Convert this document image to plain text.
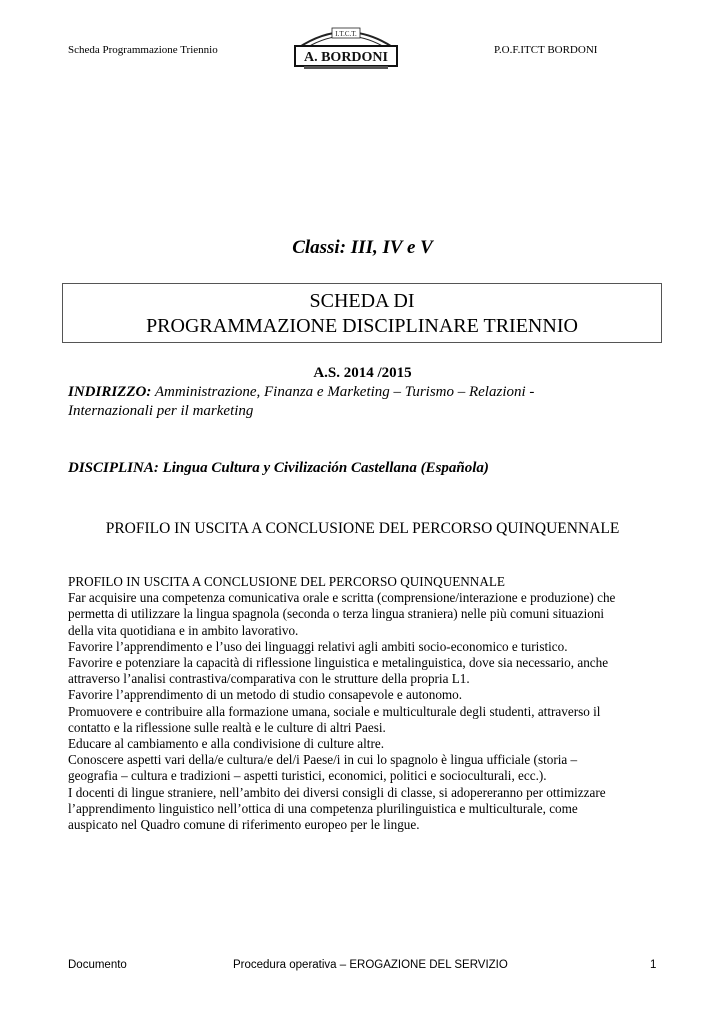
Scheda Programmazione Triennio	P.O.F.ITCT BORDONI
I.T.C.T.
A. BORDONI
Classi: III, IV e V
SCHEDA DI
PROGRAMMAZIONE DISCIPLINARE TRIENNIO
A.S. 2014 /2015
INDIRIZZO: Amministrazione, Finanza e Marketing – Turismo – Relazioni -
Internazionali per il marketing
DISCIPLINA: Lingua Cultura y Civilización Castellana (Española)
PROFILO IN USCITA A CONCLUSIONE DEL PERCORSO QUINQUENNALE
PROFILO IN USCITA A CONCLUSIONE DEL PERCORSO QUINQUENNALE
Far acquisire una competenza comunicativa orale e scritta (comprensione/interazione e produzione) che
permetta di utilizzare la lingua spagnola (seconda o terza lingua straniera) nelle più comuni situazioni
della vita quotidiana e in ambito lavorativo.
Favorire l’apprendimento e l’uso dei linguaggi relativi agli ambiti socio-economico e turistico.
Favorire e potenziare la capacità di riflessione linguistica e metalinguistica, dove sia necessario, anche
attraverso l’analisi contrastiva/comparativa con le strutture della propria L1.
Favorire l’apprendimento di un metodo di studio consapevole e autonomo.
Promuovere e contribuire alla formazione umana, sociale e multiculturale degli studenti, attraverso il
contatto e la riflessione sulle realtà e le culture di altri Paesi.
Educare al cambiamento e alla condivisione di culture altre.
Conoscere aspetti vari della/e cultura/e del/i Paese/i in cui lo spagnolo è lingua ufficiale (storia –
geografia – cultura e tradizioni – aspetti turistici, economici, politici e socioculturali, ecc.).
I docenti di lingue straniere, nell’ambito dei diversi consigli di classe, si adopereranno per ottimizzare
l’apprendimento linguistico nell’ottica di una competenza plurilinguistica e multiculturale, come
auspicato nel Quadro comune di riferimento europeo per le lingue.
Documento	Procedura operativa – EROGAZIONE DEL SERVIZIO	1
